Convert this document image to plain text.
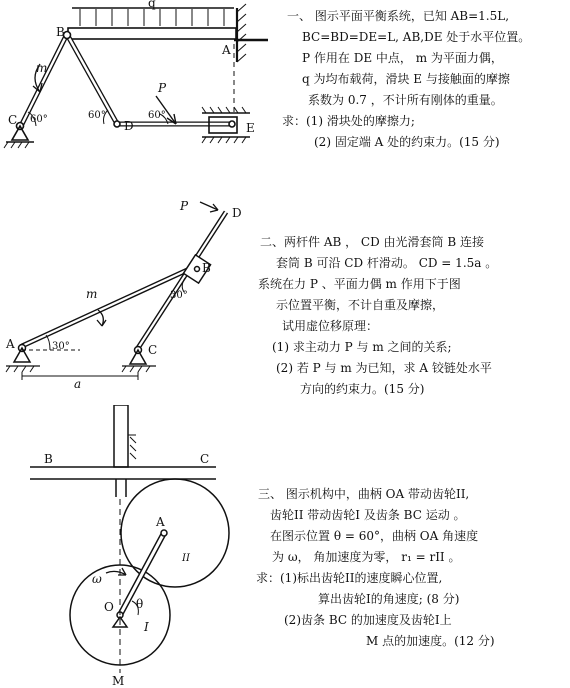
q
B
A
m
C 60°	60°
D
P
60°
E
一、 图示平面平衡系统，已知 AB=1.5L,
BC=BD=DE=L, AB,DE 处于水平位置。
P 作用在 DE 中点， m 为平面力偶，
q 为均布载荷，滑块 E 与接触面的摩擦
系数为 0.7 ，不计所有刚体的重量。
求：(1) 滑块处的摩擦力;
(2) 固定端 A 处的约束力。(15 分)
P	D
B
m	30°
A	30°	C
a
二、两杆件 AB ， CD 由光滑套筒 B 连接
套筒 B 可沿 CD 杆滑动。 CD = 1.5a 。
系统在力 P 、平面力偶 m 作用下于图
示位置平衡，不计自重及摩擦，
试用虚位移原理：
(1) 求主动力 P 与 m 之间的关系;
(2) 若 P 与 m 为已知，求 A 铰链处水平
方向的约束力。(15 分)
B	C
A
II
ω
O θ
I
M
三、 图示机构中，曲柄 OA 带动齿轮II,
齿轮II 带动齿轮I 及齿条 BC 运动 。
在图示位置 θ = 60°，曲柄 OA 角速度
为 ω， 角加速度为零， r₁ = rII 。
求：(1)标出齿轮II的速度瞬心位置,
算出齿轮I的角速度; (8 分)
(2)齿条 BC 的加速度及齿轮I上
M 点的加速度。(12 分)
